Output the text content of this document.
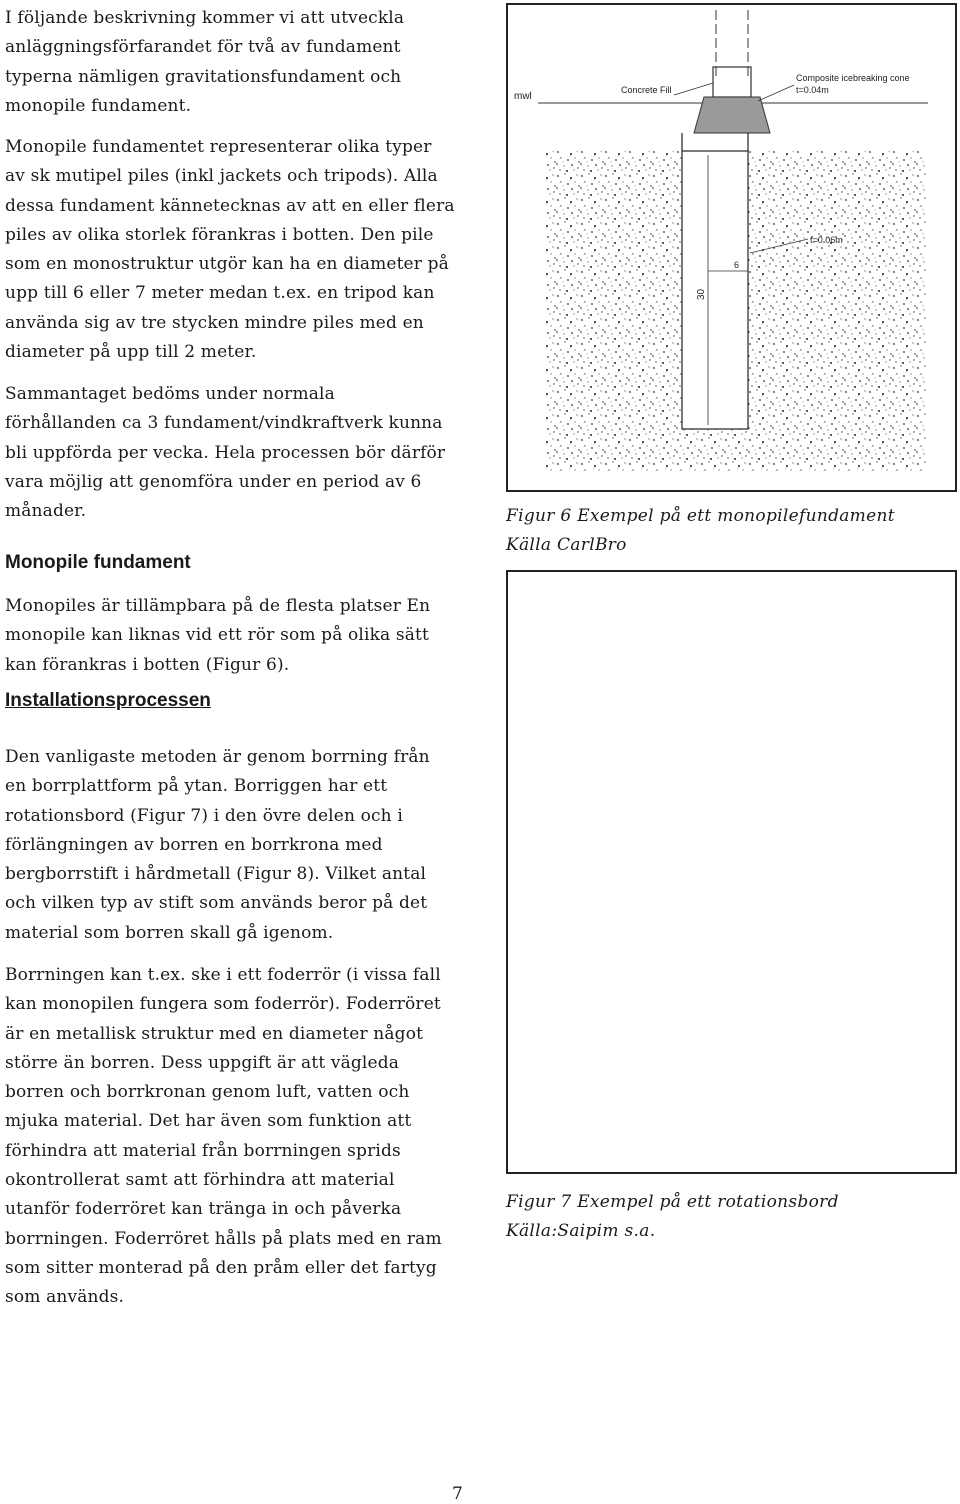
I följande beskrivning kommer vi att utveckla
anläggningsförfarandet för två av fundament
typerna nämligen gravitationsfundament och
monopile fundament.

Monopile fundamentet representerar olika typer
av sk mutipel piles (inkl jackets och tripods). Alla
dessa fundament kännetecknas av att en eller flera
piles av olika storlek förankras i botten. Den pile
som en monostruktur utgör kan ha en diameter på
upp till 6 eller 7 meter medan t.ex. en tripod kan
använda sig av tre stycken mindre piles med en
diameter på upp till 2 meter.

Sammantaget bedöms under normala
förhållanden ca 3 fundament/vindkraftverk kunna
bli uppförda per vecka. Hela processen bör därför
vara möjlig att genomföra under en period av 6
månader.

Monopile fundament

Monopiles är tillämpbara på de flesta platser En
monopile kan liknas vid ett rör som på olika sätt
kan förankras i botten (Figur 6).

Installationsprocessen

Den vanligaste metoden är genom borrning från
en borrplattform på ytan. Borriggen har ett
rotationsbord (Figur 7) i den övre delen och i
förlängningen av borren en borrkrona med
bergborrstift i hårdmetall (Figur 8). Vilket antal
och vilken typ av stift som används beror på det
material som borren skall gå igenom.

Borrningen kan t.ex. ske i ett foderrör (i vissa fall
kan monopilen fungera som foderrör). Foderröret
är en metallisk struktur med en diameter något
större än borren. Dess uppgift är att vägleda
borren och borrkronan genom luft, vatten och
mjuka material. Det har även som funktion att
förhindra att material från borrningen sprids
okontrollerat samt att förhindra att material
utanför foderröret kan tränga in och påverka
borrningen. Foderröret hålls på plats med en ram
som sitter monterad på den pråm eller det fartyg
som används.

mwl
Concrete Fill
Composite icebreaking cone
t=0.04m
30
6
t=0.06m

Figur 6 Exempel på ett monopilefundament
Källa CarlBro

Figur 7 Exempel på ett rotationsbord
Källa:Saipim s.a.

7
